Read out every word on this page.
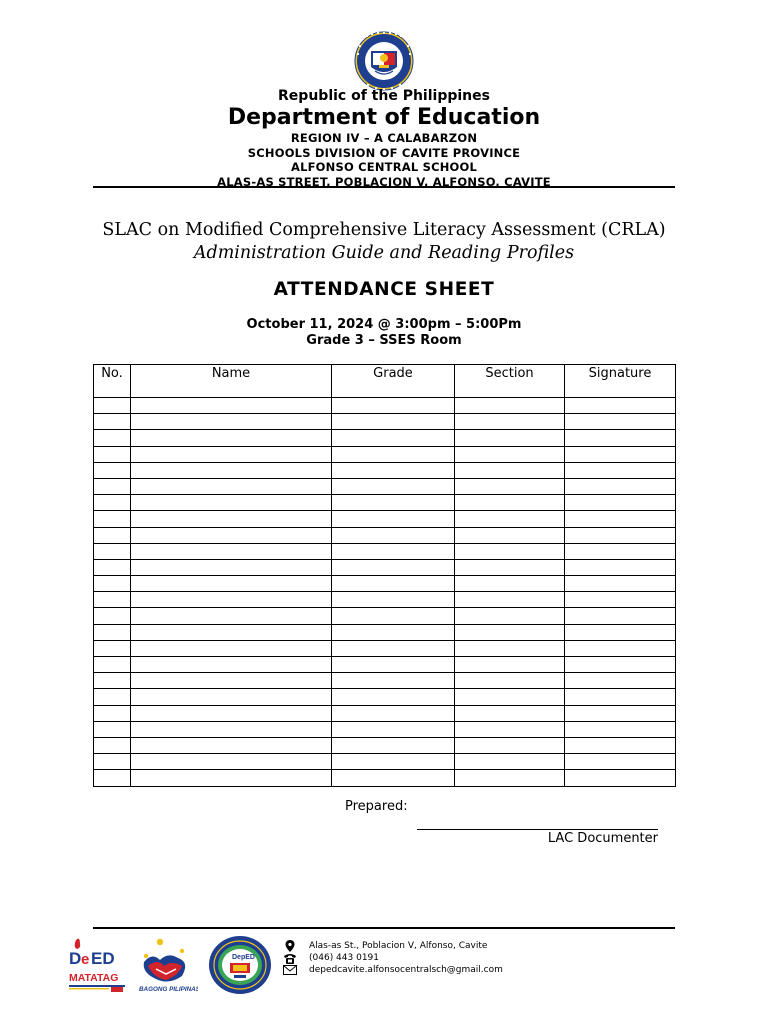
Republic of the Philippines
Department of Education
REGION IV – A CALABARZON
SCHOOLS DIVISION OF CAVITE PROVINCE
ALFONSO CENTRAL SCHOOL
ALAS-AS STREET, POBLACION V, ALFONSO, CAVITE
SLAC on Modified Comprehensive Literacy Assessment (CRLA)
Administration Guide and Reading Profiles
ATTENDANCE SHEET
October 11, 2024 @ 3:00pm – 5:00Pm
Grade 3 – SSES Room
No.	Name	Grade	Section	Signature

Prepared:
LAC Documenter
D e ED
MATATAG
BAGONG PILIPINAS
DepED
Alas-as St., Poblacion V, Alfonso, Cavite
(046) 443 0191
depedcavite.alfonsocentralsch@gmail.com
